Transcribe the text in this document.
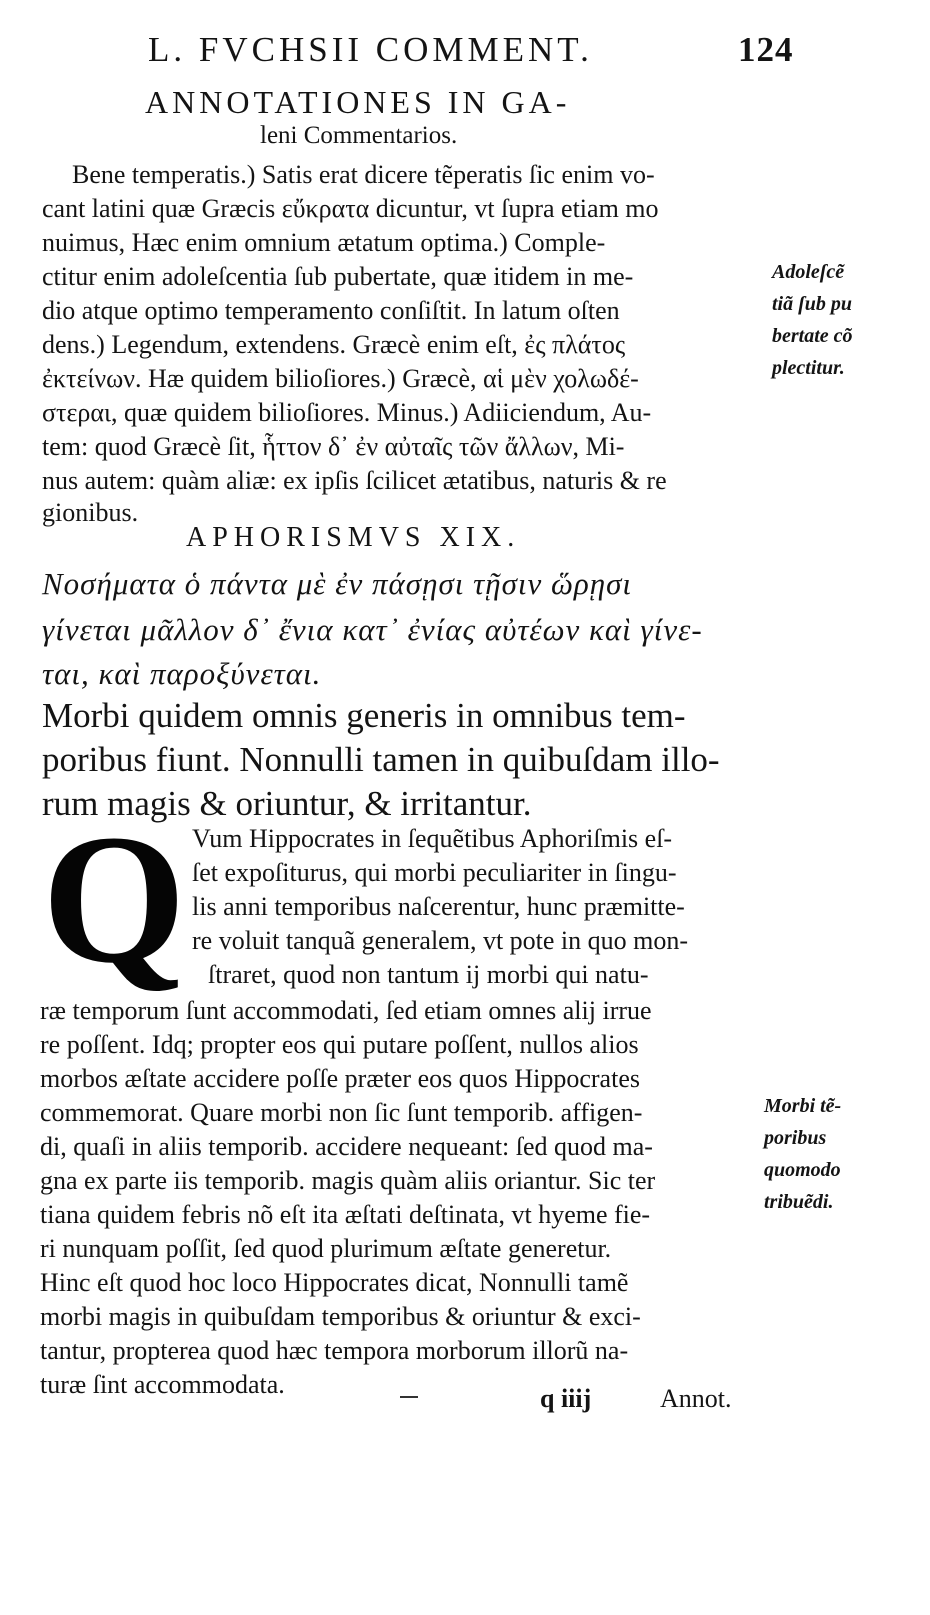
L. FVCHSII COMMENT.	124
ANNOTATIONES IN GA-
leni Commentarios.
Bene temperatis.) Satis erat dicere tẽperatis ſic enim vo-
cant latini quæ Græcis εὔκρατα dicuntur, vt ſupra etiam mo
nuimus, Hæc enim omnium ætatum optima.) Comple-
ctitur enim adoleſcentia ſub pubertate, quæ itidem in me-
dio atque optimo temperamento conſiſtit. In latum oſten
dens.) Legendum, extendens. Græcè enim eſt, ἐς πλάτος
ἐκτείνων. Hæ quidem bilioſiores.) Græcè, αἱ μὲν χολωδέ-
στεραι, quæ quidem bilioſiores. Minus.) Adiiciendum, Au-
tem: quod Græcè ſit, ἧττον δ᾽ ἐν αὐταῖς τῶν ἄλλων, Mi-
nus autem: quàm aliæ: ex ipſis ſcilicet ætatibus, naturis & re
gionibus.
Adoleſcẽ
tiã ſub pu
bertate cõ
plectitur.
APHORISMVS XIX.
Νοσήματα ὁ πάντα μὲ ἐν πάσῃσι τῇσιν ὥρῃσι
γίνεται μᾶλλον δ᾽ ἔνια κατ᾽ ἐνίας αὐτέων καὶ γίνε-
ται, καὶ παροξύνεται.
Morbi quidem omnis generis in omnibus tem-
poribus fiunt. Nonnulli tamen in quibuſdam illo-
rum magis & oriuntur, & irritantur.
Q Vum Hippocrates in ſequẽtibus Aphoriſmis eſ-
ſet expoſiturus, qui morbi peculiariter in ſingu-
lis anni temporibus naſcerentur, hunc præmitte-
re voluit tanquã generalem, vt pote in quo mon-
ſtraret, quod non tantum ij morbi qui natu-
ræ temporum ſunt accommodati, ſed etiam omnes alij irrue
re poſſent. Idq; propter eos qui putare poſſent, nullos alios
morbos æſtate accidere poſſe præter eos quos Hippocrates
commemorat. Quare morbi non ſic ſunt temporib. affigen-
di, quaſi in aliis temporib. accidere nequeant: ſed quod ma-
gna ex parte iis temporib. magis quàm aliis oriantur. Sic ter
tiana quidem febris nõ eſt ita æſtati deſtinata, vt hyeme fie-
ri nunquam poſſit, ſed quod plurimum æſtate generetur.
Hinc eſt quod hoc loco Hippocrates dicat, Nonnulli tamẽ
morbi magis in quibuſdam temporibus & oriuntur & exci-
tantur, propterea quod hæc tempora morborum illorũ na-
turæ ſint accommodata.
Morbi tẽ-
poribus
quomodo
tribuẽdi.
q iiij	Annot.
